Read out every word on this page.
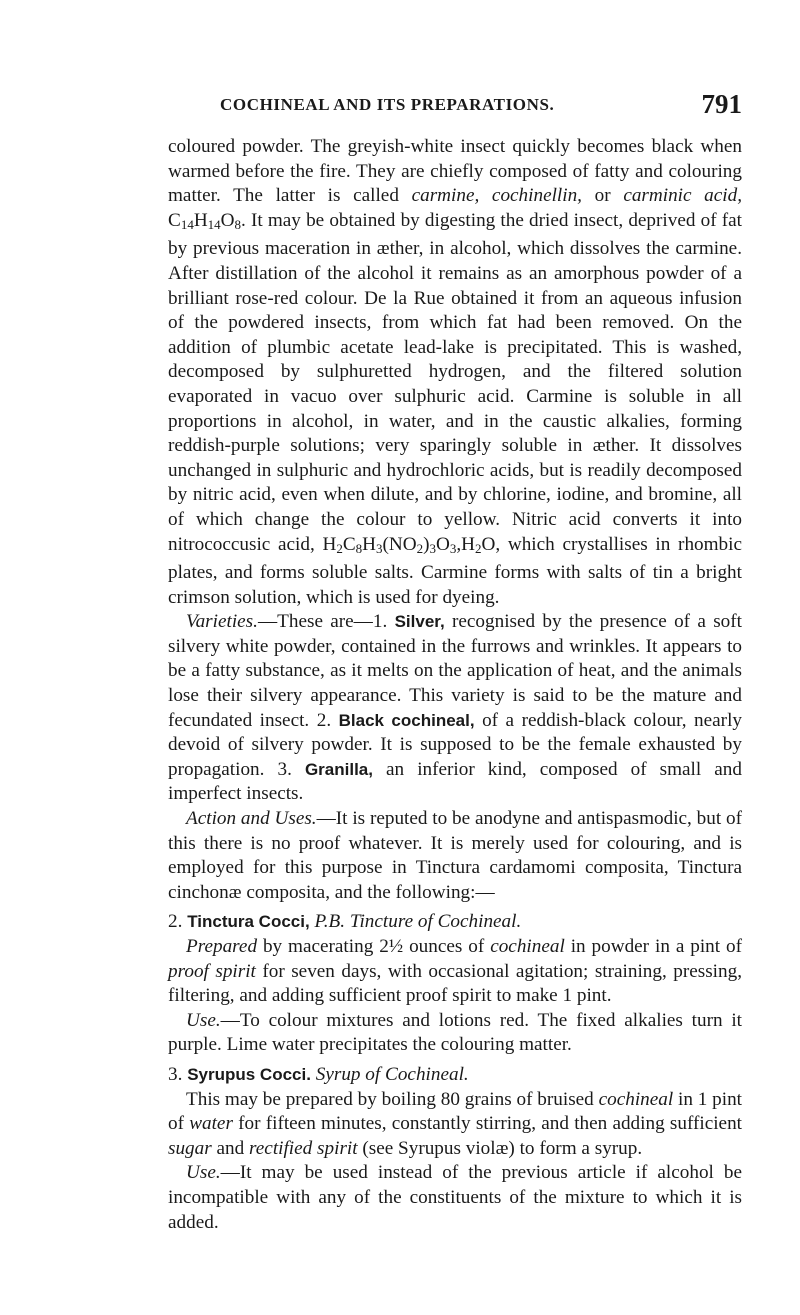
COCHINEAL AND ITS PREPARATIONS.	791

coloured powder. The greyish-white insect quickly becomes black when warmed before the fire. They are chiefly composed of fatty and colouring matter. The latter is called carmine, cochinellin, or carminic acid, $C_{14}H_{14}O_8$. It may be obtained by digesting the dried insect, deprived of fat by previous maceration in æther, in alcohol, which dissolves the carmine. After distillation of the alcohol it remains as an amorphous powder of a brilliant rose-red colour. De la Rue obtained it from an aqueous infusion of the powdered insects, from which fat had been removed. On the addition of plumbic acetate lead-lake is precipitated. This is washed, decomposed by sulphuretted hydrogen, and the filtered solution evaporated in vacuo over sulphuric acid. Carmine is soluble in all proportions in alcohol, in water, and in the caustic alkalies, forming reddish-purple solutions; very sparingly soluble in æther. It dissolves unchanged in sulphuric and hydrochloric acids, but is readily decomposed by nitric acid, even when dilute, and by chlorine, iodine, and bromine, all of which change the colour to yellow. Nitric acid converts it into nitrococcusic acid, $H_2C_8H_3(NO_2)_3O_3,H_2O$, which crystallises in rhombic plates, and forms soluble salts. Carmine forms with salts of tin a bright crimson solution, which is used for dyeing.

Varieties.—These are—1. Silver, recognised by the presence of a soft silvery white powder, contained in the furrows and wrinkles. It appears to be a fatty substance, as it melts on the application of heat, and the animals lose their silvery appearance. This variety is said to be the mature and fecundated insect. 2. Black cochineal, of a reddish-black colour, nearly devoid of silvery powder. It is supposed to be the female exhausted by propagation. 3. Granilla, an inferior kind, composed of small and imperfect insects.

Action and Uses.—It is reputed to be anodyne and antispasmodic, but of this there is no proof whatever. It is merely used for colouring, and is employed for this purpose in Tinctura cardamomi composita, Tinctura cinchonæ composita, and the following:—

2. Tinctura Cocci, P.B. Tincture of Cochineal.

Prepared by macerating 2½ ounces of cochineal in powder in a pint of proof spirit for seven days, with occasional agitation; straining, pressing, filtering, and adding sufficient proof spirit to make 1 pint.

Use.—To colour mixtures and lotions red. The fixed alkalies turn it purple. Lime water precipitates the colouring matter.

3. Syrupus Cocci. Syrup of Cochineal.

This may be prepared by boiling 80 grains of bruised cochineal in 1 pint of water for fifteen minutes, constantly stirring, and then adding sufficient sugar and rectified spirit (see Syrupus violæ) to form a syrup.

Use.—It may be used instead of the previous article if alcohol be incompatible with any of the constituents of the mixture to which it is added.
